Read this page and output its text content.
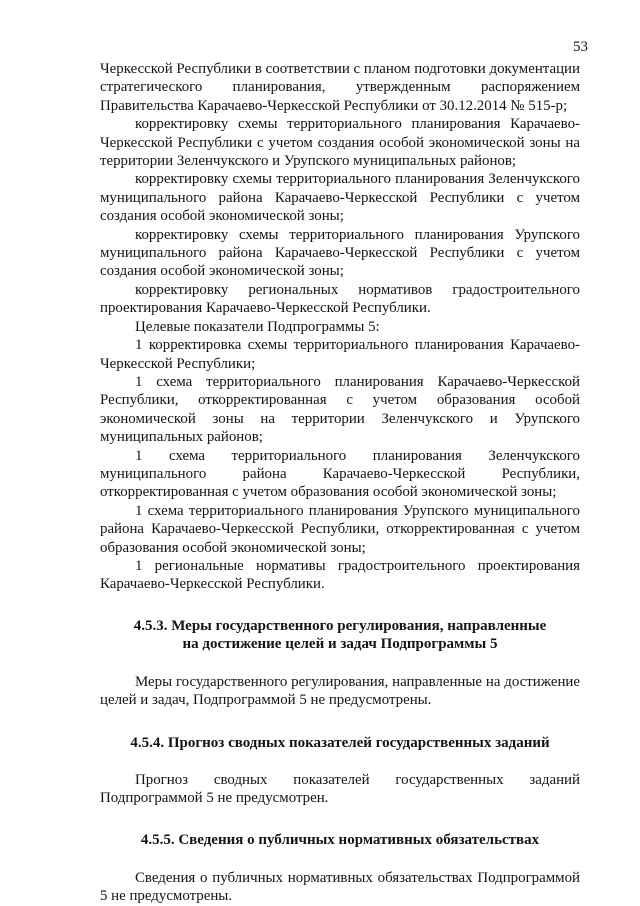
53

Черкесской Республики в соответствии с планом подготовки документации стратегического планирования, утвержденным распоряжением Правительства Карачаево-Черкесской Республики от 30.12.2014 № 515-р;

корректировку схемы территориального планирования Карачаево-Черкесской Республики с учетом создания особой экономической зоны на территории Зеленчукского и Урупского муниципальных районов;

корректировку схемы территориального планирования Зеленчукского муниципального района Карачаево-Черкесской Республики с учетом создания особой экономической зоны;

корректировку схемы территориального планирования Урупского муниципального района Карачаево-Черкесской Республики с учетом создания особой экономической зоны;

корректировку региональных нормативов градостроительного проектирования Карачаево-Черкесской Республики.

Целевые показатели Подпрограммы 5:

1 корректировка схемы территориального планирования Карачаево-Черкесской Республики;

1 схема территориального планирования Карачаево-Черкесской Республики, откорректированная с учетом образования особой экономической зоны на территории Зеленчукского и Урупского муниципальных районов;

1 схема территориального планирования Зеленчукского муниципального района Карачаево-Черкесской Республики, откорректированная с учетом образования особой экономической зоны;

1 схема территориального планирования Урупского муниципального района Карачаево-Черкесской Республики, откорректированная с учетом образования особой экономической зоны;

1 региональные нормативы градостроительного проектирования Карачаево-Черкесской Республики.

4.5.3. Меры государственного регулирования, направленные
на достижение целей и задач Подпрограммы 5

Меры государственного регулирования, направленные на достижение целей и задач, Подпрограммой 5 не предусмотрены.

4.5.4. Прогноз сводных показателей государственных заданий

Прогноз сводных показателей государственных заданий Подпрограммой 5 не предусмотрен.

4.5.5. Сведения о публичных нормативных обязательствах

Сведения о публичных нормативных обязательствах Подпрограммой 5 не предусмотрены.
